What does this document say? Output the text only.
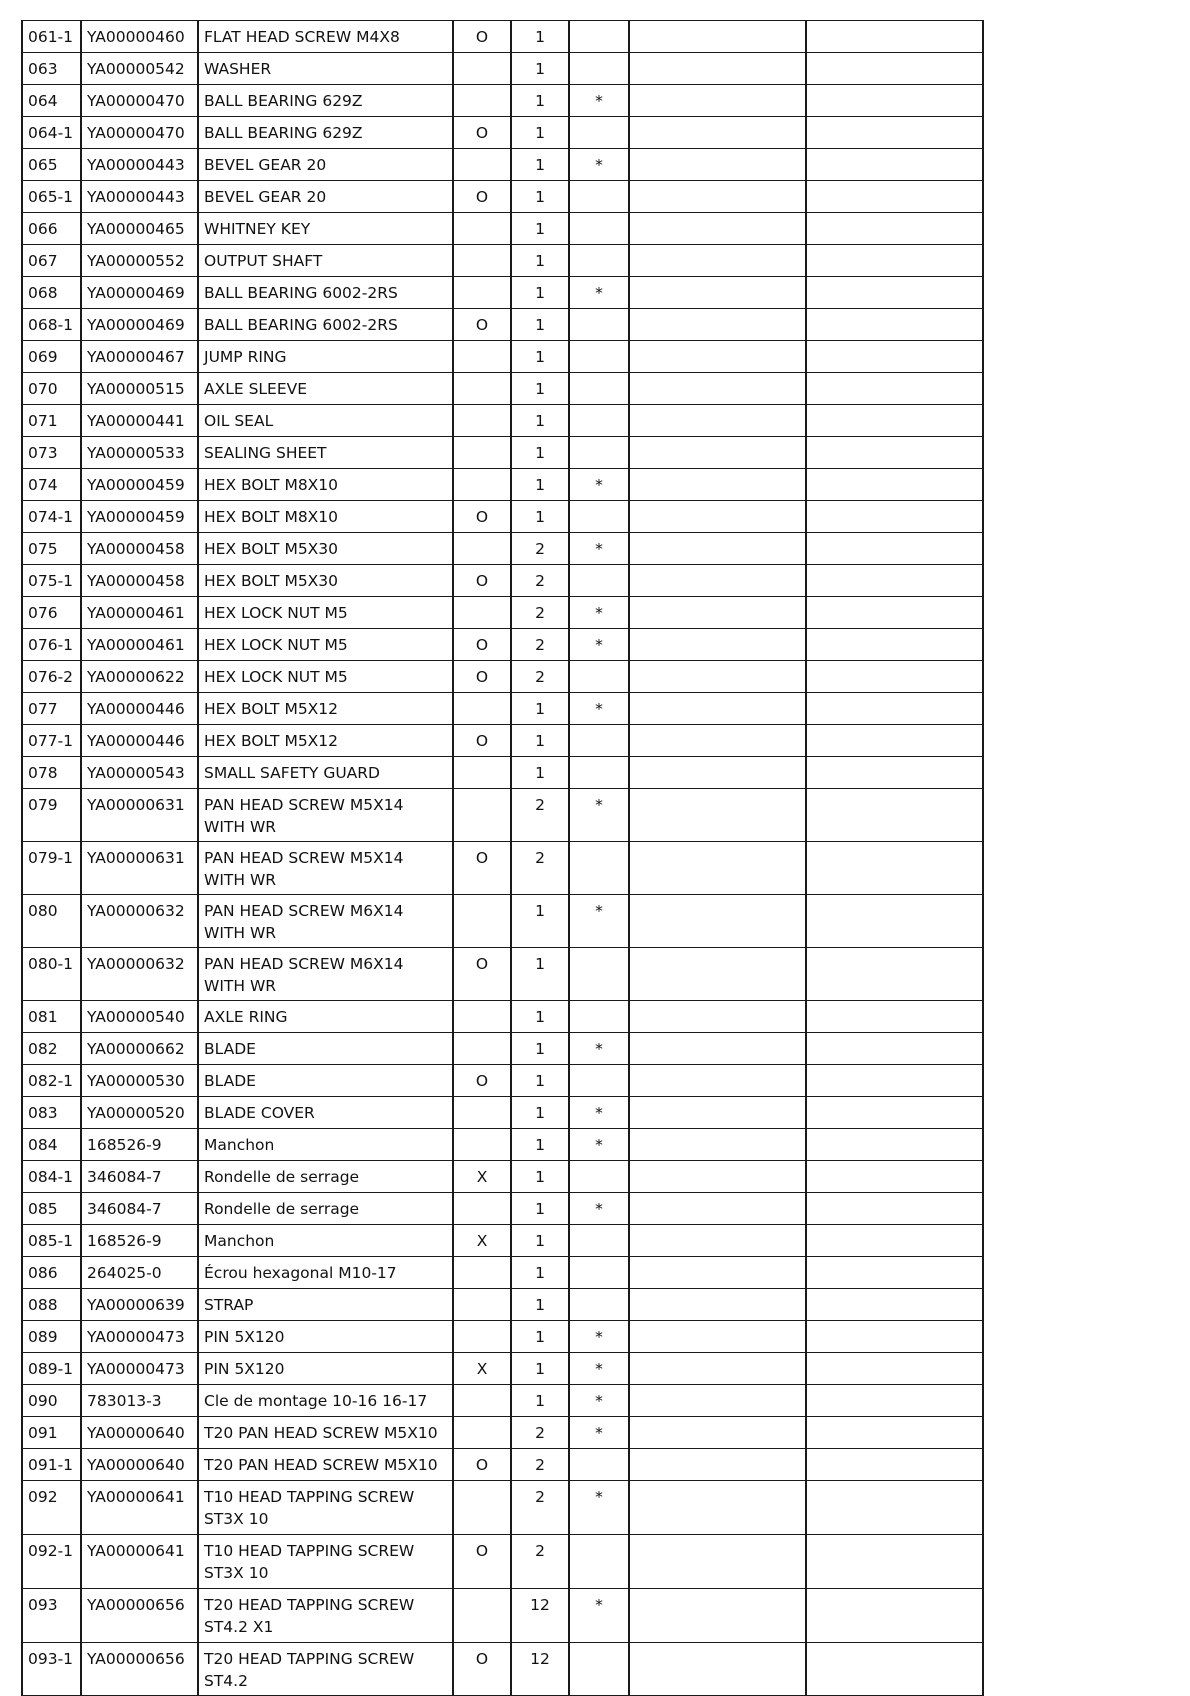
061-1	YA00000460	FLAT HEAD SCREW M4X8	O	1			
063	YA00000542	WASHER		1			
064	YA00000470	BALL BEARING 629Z		1	*		
064-1	YA00000470	BALL BEARING 629Z	O	1			
065	YA00000443	BEVEL GEAR 20		1	*		
065-1	YA00000443	BEVEL GEAR 20	O	1			
066	YA00000465	WHITNEY KEY		1			
067	YA00000552	OUTPUT SHAFT		1			
068	YA00000469	BALL BEARING 6002-2RS		1	*		
068-1	YA00000469	BALL BEARING 6002-2RS	O	1			
069	YA00000467	JUMP RING		1			
070	YA00000515	AXLE SLEEVE		1			
071	YA00000441	OIL SEAL		1			
073	YA00000533	SEALING SHEET		1			
074	YA00000459	HEX BOLT M8X10		1	*		
074-1	YA00000459	HEX BOLT M8X10	O	1			
075	YA00000458	HEX BOLT M5X30		2	*		
075-1	YA00000458	HEX BOLT M5X30	O	2			
076	YA00000461	HEX LOCK NUT M5		2	*		
076-1	YA00000461	HEX LOCK NUT M5	O	2	*		
076-2	YA00000622	HEX LOCK NUT M5	O	2			
077	YA00000446	HEX BOLT M5X12		1	*		
077-1	YA00000446	HEX BOLT M5X12	O	1			
078	YA00000543	SMALL SAFETY GUARD		1			
079	YA00000631	PAN HEAD SCREW M5X14 WITH WR		2	*		
079-1	YA00000631	PAN HEAD SCREW M5X14 WITH WR	O	2			
080	YA00000632	PAN HEAD SCREW M6X14 WITH WR		1	*		
080-1	YA00000632	PAN HEAD SCREW M6X14 WITH WR	O	1			
081	YA00000540	AXLE RING		1			
082	YA00000662	BLADE		1	*		
082-1	YA00000530	BLADE	O	1			
083	YA00000520	BLADE COVER		1	*		
084	168526-9	Manchon		1	*		
084-1	346084-7	Rondelle de serrage	X	1			
085	346084-7	Rondelle de serrage		1	*		
085-1	168526-9	Manchon	X	1			
086	264025-0	Écrou hexagonal M10-17		1			
088	YA00000639	STRAP		1			
089	YA00000473	PIN 5X120		1	*		
089-1	YA00000473	PIN 5X120	X	1	*		
090	783013-3	Cle de montage 10-16 16-17		1	*		
091	YA00000640	T20 PAN HEAD SCREW M5X10		2	*		
091-1	YA00000640	T20 PAN HEAD SCREW M5X10	O	2			
092	YA00000641	T10 HEAD TAPPING SCREW ST3X 10		2	*		
092-1	YA00000641	T10 HEAD TAPPING SCREW ST3X 10	O	2			
093	YA00000656	T20 HEAD TAPPING SCREW ST4.2 X1		12	*		
093-1	YA00000656	T20 HEAD TAPPING SCREW ST4.2	O	12			
